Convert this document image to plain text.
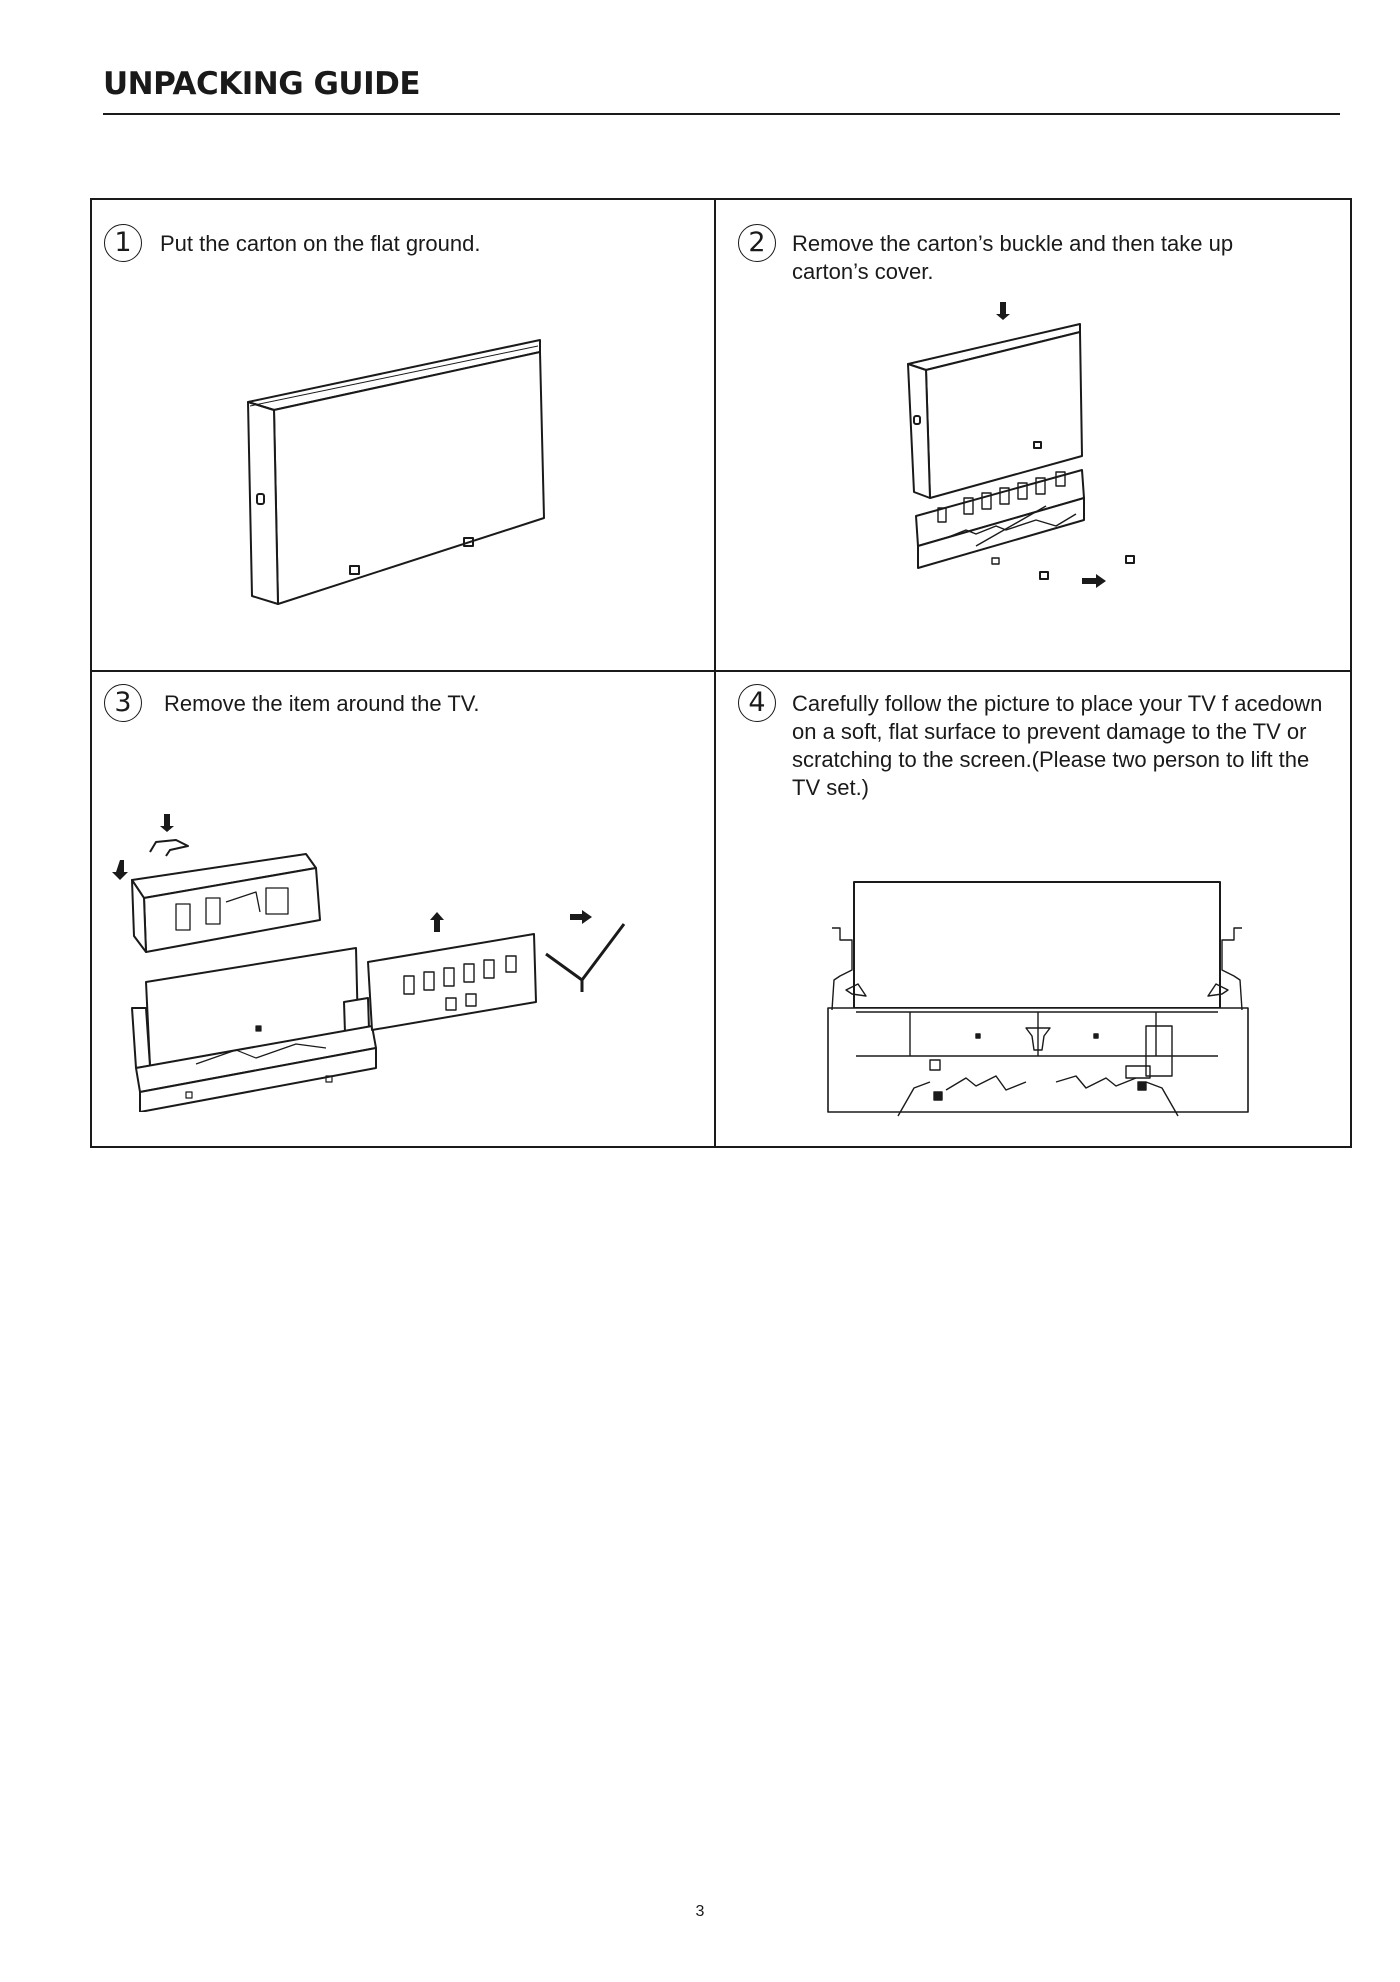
UNPACKING GUIDE
1	Put the carton on the flat ground.	2	Remove the carton’s buckle and then take up carton’s cover.

3	Remove the item around the TV.	4	Carefully follow the picture to place your TV f acedown on a soft, flat surface to prevent damage to the TV or scratching to the screen.(Please two person to lift the TV set.)

3
